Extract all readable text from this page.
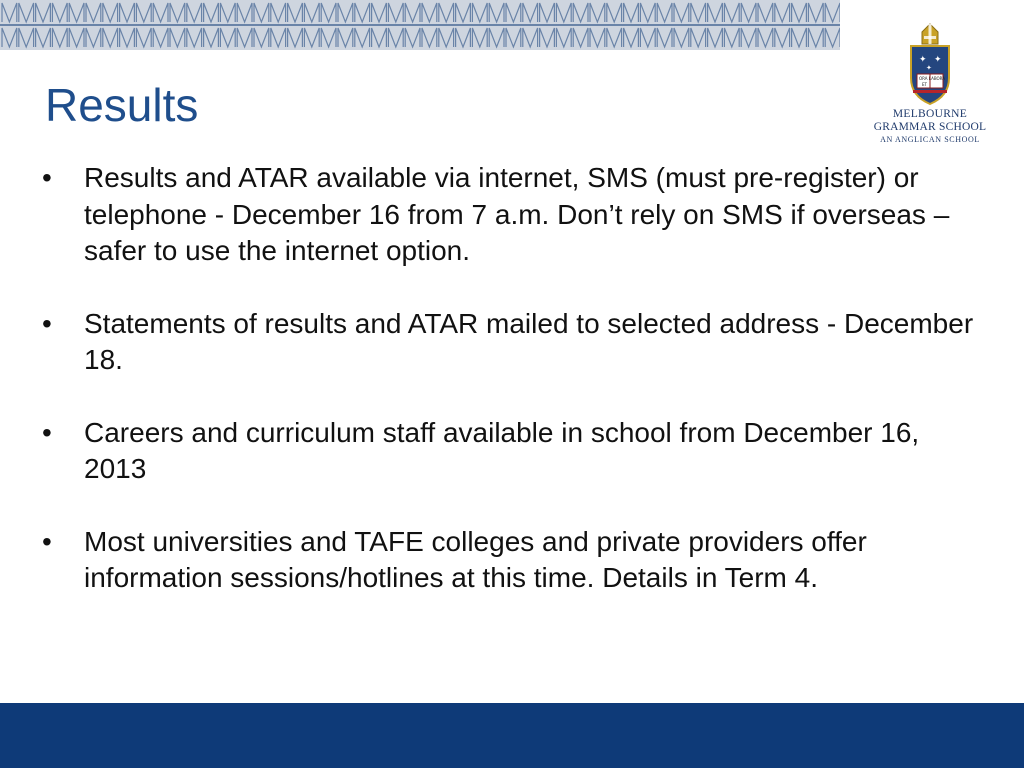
Results
✦ ✦
✦
ORA LABORA
ET
MELBOURNE
GRAMMAR SCHOOL
AN ANGLICAN SCHOOL
• Results and ATAR available via internet, SMS (must pre-register) or telephone - December 16 from 7 a.m. Don’t rely on SMS if overseas – safer to use the internet option.
• Statements of results and ATAR mailed to selected address - December 18.
• Careers and curriculum staff available in school from December 16, 2013
• Most universities and TAFE colleges and private providers offer information sessions/hotlines at this time. Details in Term 4.
